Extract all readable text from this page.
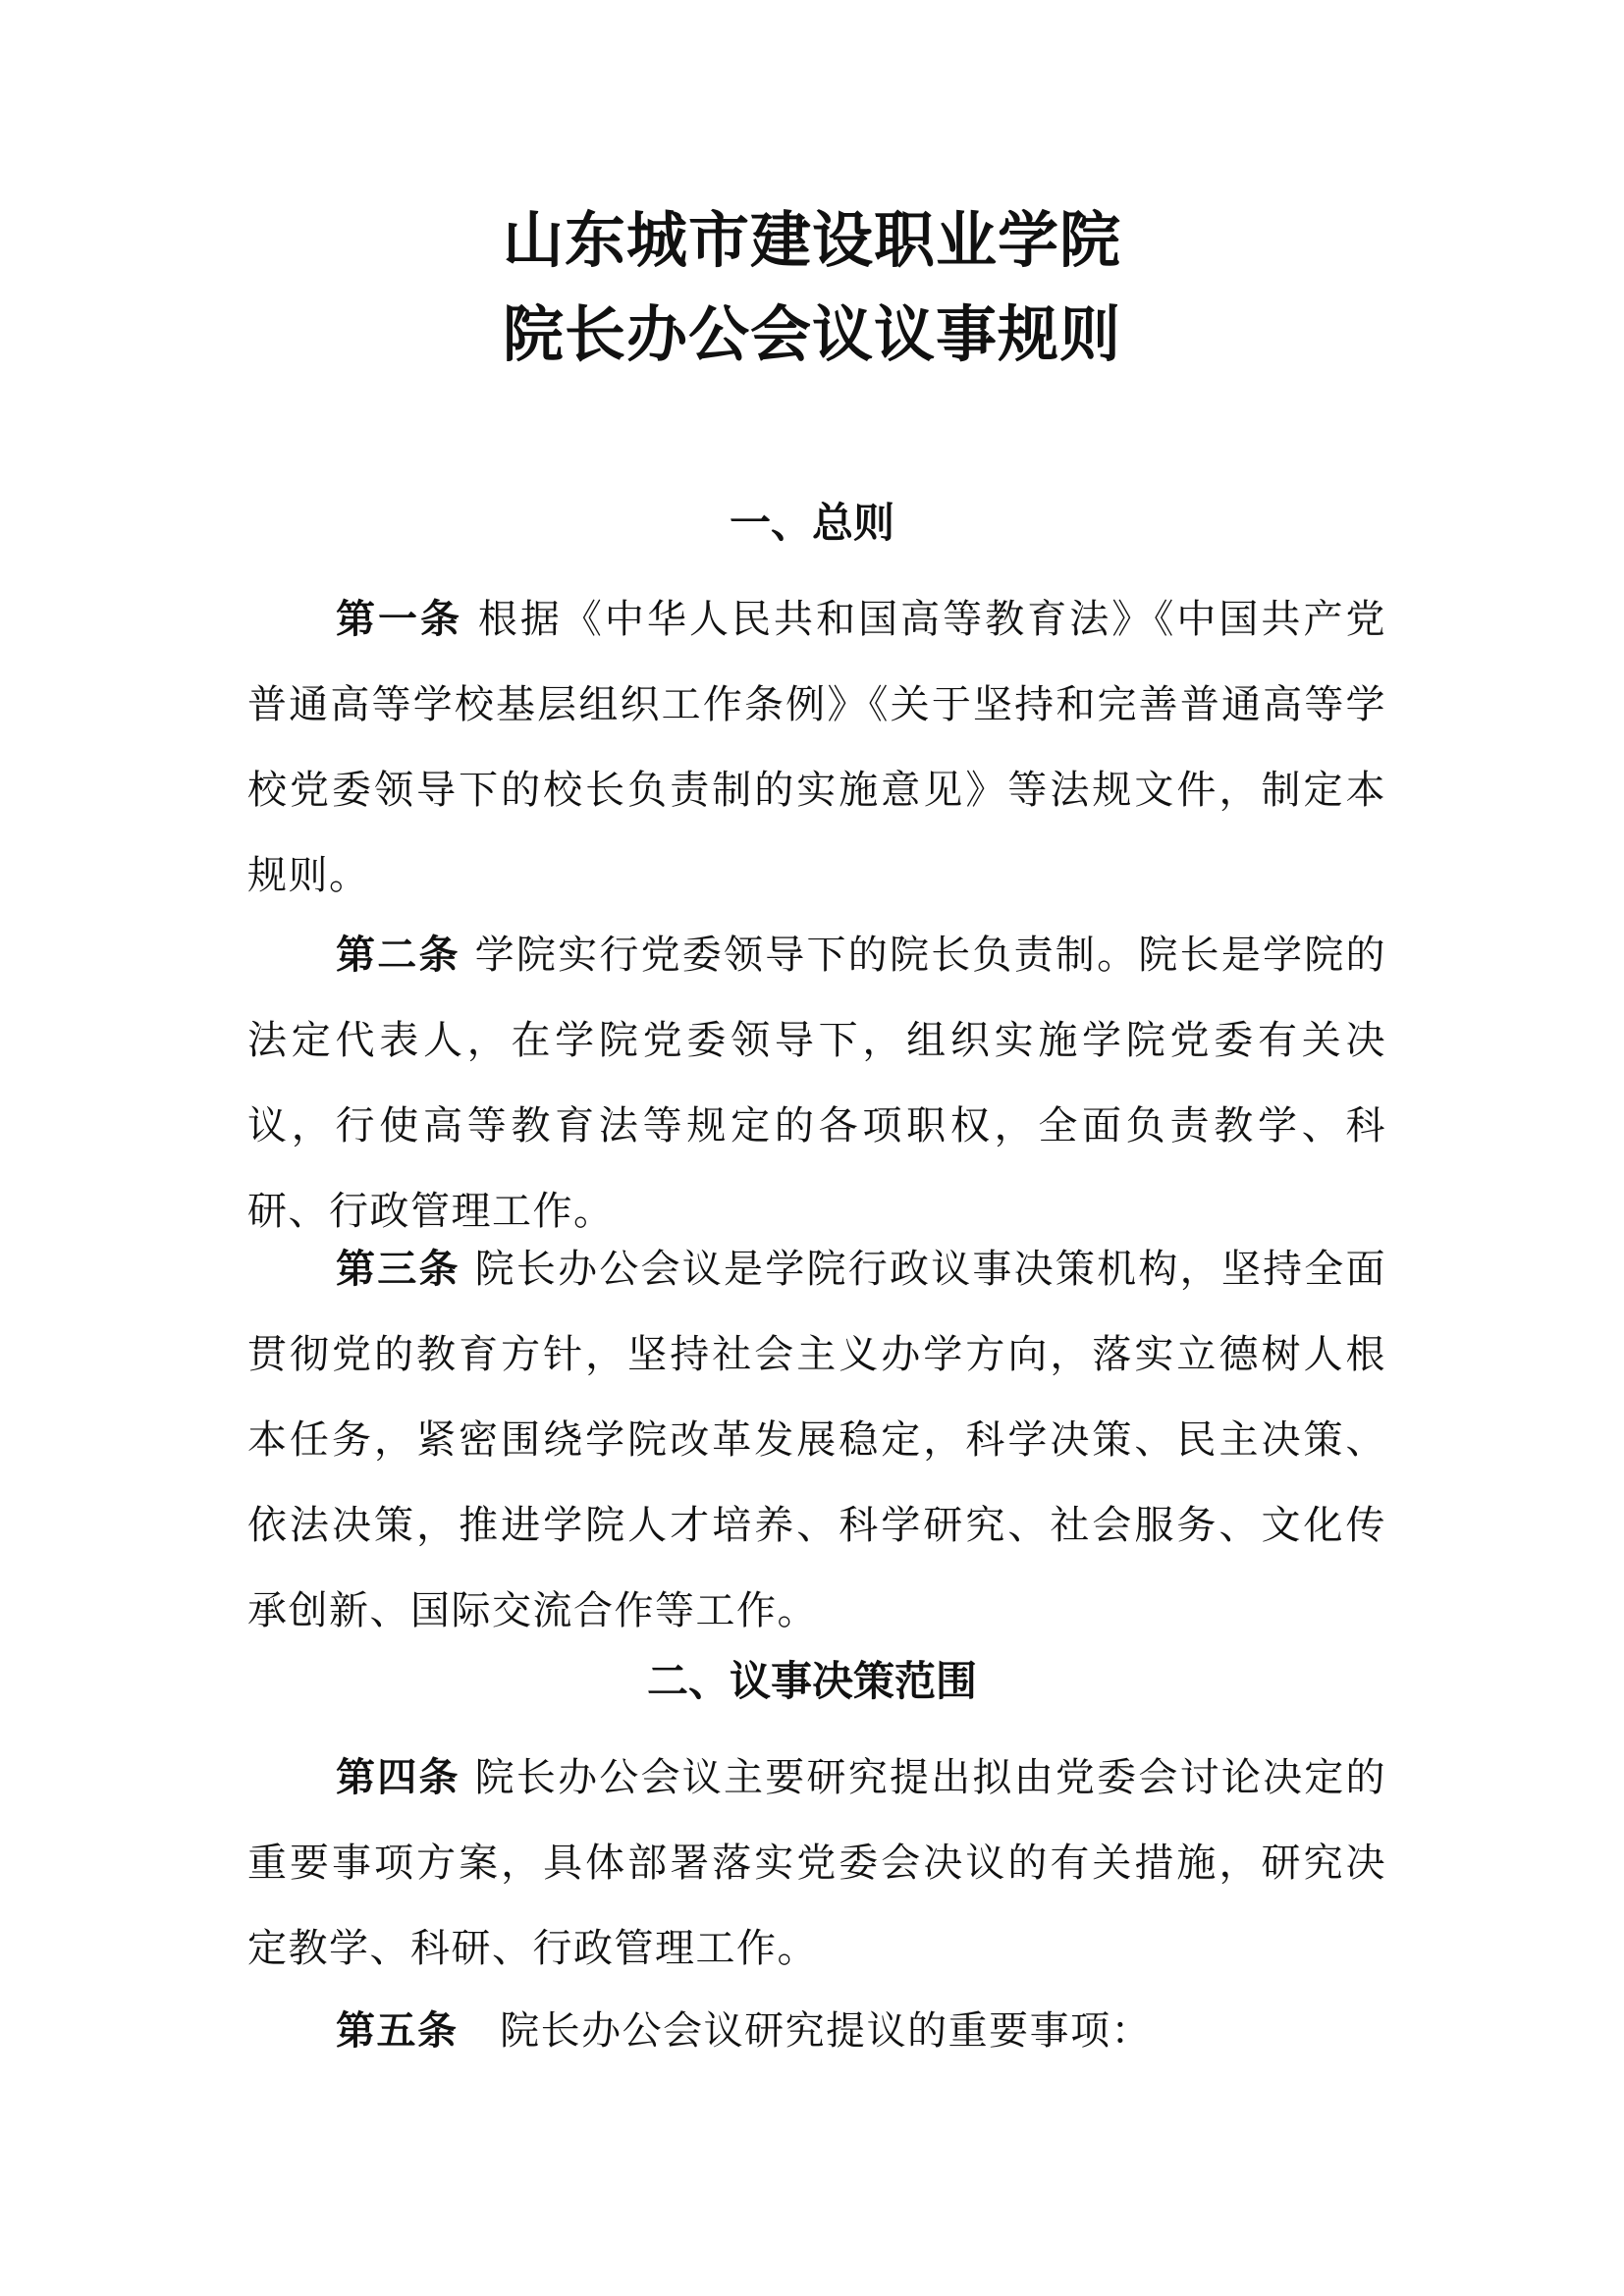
山东城市建设职业学院
院长办公会议议事规则
一、总则

第一条 根据《中华人民共和国高等教育法》《中国共产党普通高等学校基层组织工作条例》《关于坚持和完善普通高等学校党委领导下的校长负责制的实施意见》等法规文件，制定本规则。

第二条 学院实行党委领导下的院长负责制。院长是学院的法定代表人，在学院党委领导下，组织实施学院党委有关决议，行使高等教育法等规定的各项职权，全面负责教学、科研、行政管理工作。

第三条 院长办公会议是学院行政议事决策机构，坚持全面贯彻党的教育方针，坚持社会主义办学方向，落实立德树人根本任务，紧密围绕学院改革发展稳定，科学决策、民主决策、依法决策，推进学院人才培养、科学研究、社会服务、文化传承创新、国际交流合作等工作。

二、议事决策范围

第四条 院长办公会议主要研究提出拟由党委会讨论决定的重要事项方案，具体部署落实党委会决议的有关措施，研究决定教学、科研、行政管理工作。

第五条 院长办公会议研究提议的重要事项：
